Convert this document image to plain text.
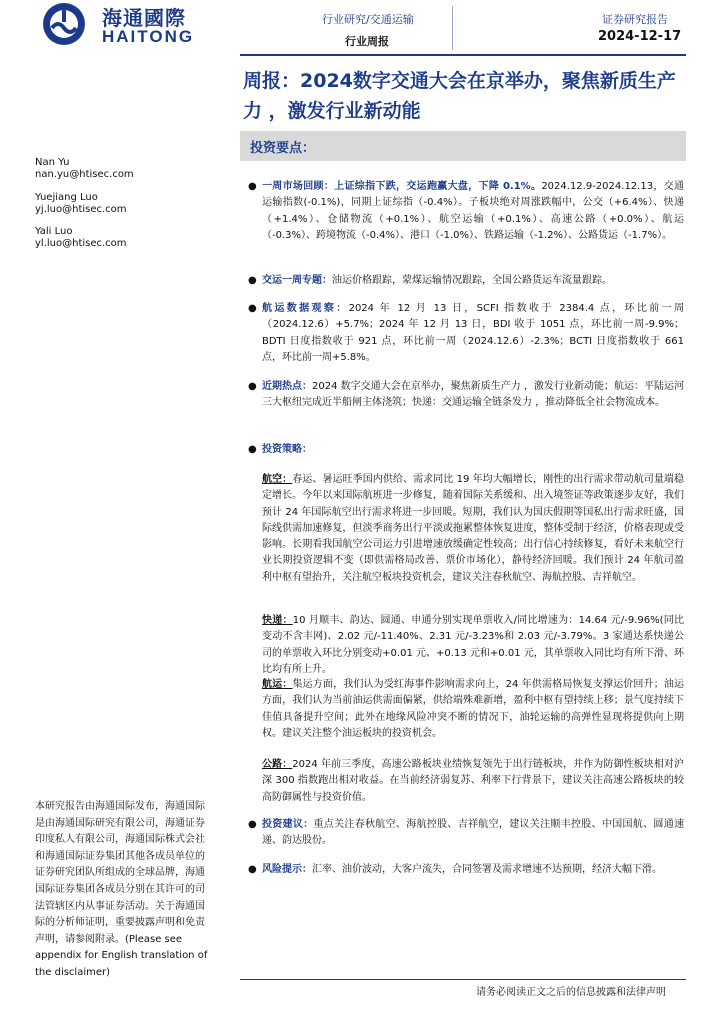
海通國際
HAITONG
行业研究/交通运输
行业周报
证券研究报告
2024-12-17
周报：2024数字交通大会在京举办，聚焦新质生产力 ，激发行业新动能
投资要点：
Nan Yu
nan.yu@htisec.com
Yuejiang Luo
yj.luo@htisec.com
Yali Luo
yl.luo@htisec.com
● 一周市场回顾：上证综指下跌，交运跑赢大盘，下降 0.1%。2024.12.9-2024.12.13，交通运输指数(-0.1%)，同期上证综指（-0.4%）。子板块绝对周涨跌幅中，公交（+6.4%）、快递（+1.4%）、仓储物流（+0.1%）、航空运输（+0.1%）、高速公路（+0.0%）、航运（-0.3%）、跨境物流（-0.4%）、港口（-1.0%）、铁路运输（-1.2%）、公路货运（-1.7%）。
● 交运一周专题：油运价格跟踪，蒙煤运输情况跟踪，全国公路货运车流量跟踪。
● 航运数据观察：2024 年 12 月 13 日，SCFI 指数收于 2384.4 点，环比前一周（2024.12.6）+5.7%；2024 年 12 月 13 日，BDI 收于 1051 点，环比前一周-9.9%；BDTI 日度指数收于 921 点，环比前一周（2024.12.6）-2.3%；BCTI 日度指数收于 661 点，环比前一周+5.8%。
● 近期热点：2024 数字交通大会在京举办，聚焦新质生产力 ，激发行业新动能；航运：平陆运河三大枢纽完成近半船闸主体浇筑；快递：交通运输全链条发力 ，推动降低全社会物流成本。
● 投资策略：
航空：春运、暑运旺季国内供给、需求同比 19 年均大幅增长，刚性的出行需求带动航司量端稳定增长。今年以来国际航班进一步修复，随着国际关系缓和、出入境签证等政策逐步友好，我们预计 24 年国际航空出行需求将进一步回暖。短期，我们认为国庆假期等国私出行需求旺盛，国际线供需加速修复，但淡季商务出行平淡或拖累整体恢复进度，整体受制于经济，价格表现或受影响。长期看我国航空公司运力引进增速放缓确定性较高；出行信心持续修复，看好未来航空行业长期投资逻辑不变（即供需格局改善、票价市场化），静待经济回暖。我们预计 24 年航司盈利中枢有望抬升，关注航空板块投资机会，建议关注春秋航空、海航控股、吉祥航空。
快递：10 月顺丰、韵达、圆通、申通分别实现单票收入/同比增速为：14.64 元/-9.96%(同比变动不含丰网)、2.02 元/-11.40%、2.31 元/-3.23%和 2.03 元/-3.79%。3 家通达系快递公司的单票收入环比分别变动+0.01 元、+0.13 元和+0.01 元，其单票收入同比均有所下滑、环比均有所上升。
航运：集运方面，我们认为受红海事件影响需求向上，24 年供需格局恢复支撑运价回升；油运方面，我们认为当前油运供需面偏紧，供给端殊难新增，盈利中枢有望持续上移；景气度持续下佳值具备提升空间；此外在地缘风险冲突不断的情况下，油轮运输的高弹性显现将提供向上期权。建议关注整个油运板块的投资机会。
公路：2024 年前三季度，高速公路板块业绩恢复领先于出行链板块，并作为防御性板块相对沪深 300 指数跑出相对收益。在当前经济弱复苏、利率下行背景下，建议关注高速公路板块的较高防御属性与投资价值。
● 投资建议：重点关注春秋航空、海航控股、吉祥航空，建议关注顺丰控股、中国国航、圆通速递、韵达股份。
● 风险提示：汇率、油价波动，大客户流失，合同签署及需求增速不达预期，经济大幅下滑。
本研究报告由海通国际发布，海通国际是由海通国际研究有限公司，海通证券印度私人有限公司，海通国际株式会社和海通国际证券集团其他各成员单位的证券研究团队所组成的全球品牌，海通国际证券集团各成员分别在其许可的司法管辖区内从事证券活动。关于海通国际的分析师证明，重要披露声明和免责声明，请参阅附录。(Please see appendix for English translation of the disclaimer)
请务必阅读正文之后的信息披露和法律声明
